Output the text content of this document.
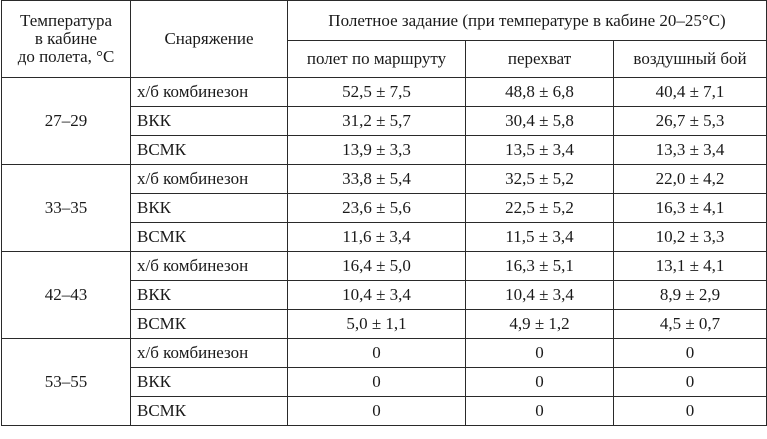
Температура
в кабине
до полета, °С	Снаряжение	Полетное задание (при температуре в кабине 20–25°С)		
		полет по маршруту	перехват	воздушный бой
27–29	х/б комбинезон	52,5 ± 7,5	48,8 ± 6,8	40,4 ± 7,1
	ВКК	31,2 ± 5,7	30,4 ± 5,8	26,7 ± 5,3
	ВСМК	13,9 ± 3,3	13,5 ± 3,4	13,3 ± 3,4
33–35	х/б комбинезон	33,8 ± 5,4	32,5 ± 5,2	22,0 ± 4,2
	ВКК	23,6 ± 5,6	22,5 ± 5,2	16,3 ± 4,1
	ВСМК	11,6 ± 3,4	11,5 ± 3,4	10,2 ± 3,3
42–43	х/б комбинезон	16,4 ± 5,0	16,3 ± 5,1	13,1 ± 4,1
	ВКК	10,4 ± 3,4	10,4 ± 3,4	8,9 ± 2,9
	ВСМК	5,0 ± 1,1	4,9 ± 1,2	4,5 ± 0,7
53–55	х/б комбинезон	0	0	0
	ВКК	0	0	0
	ВСМК	0	0	0
